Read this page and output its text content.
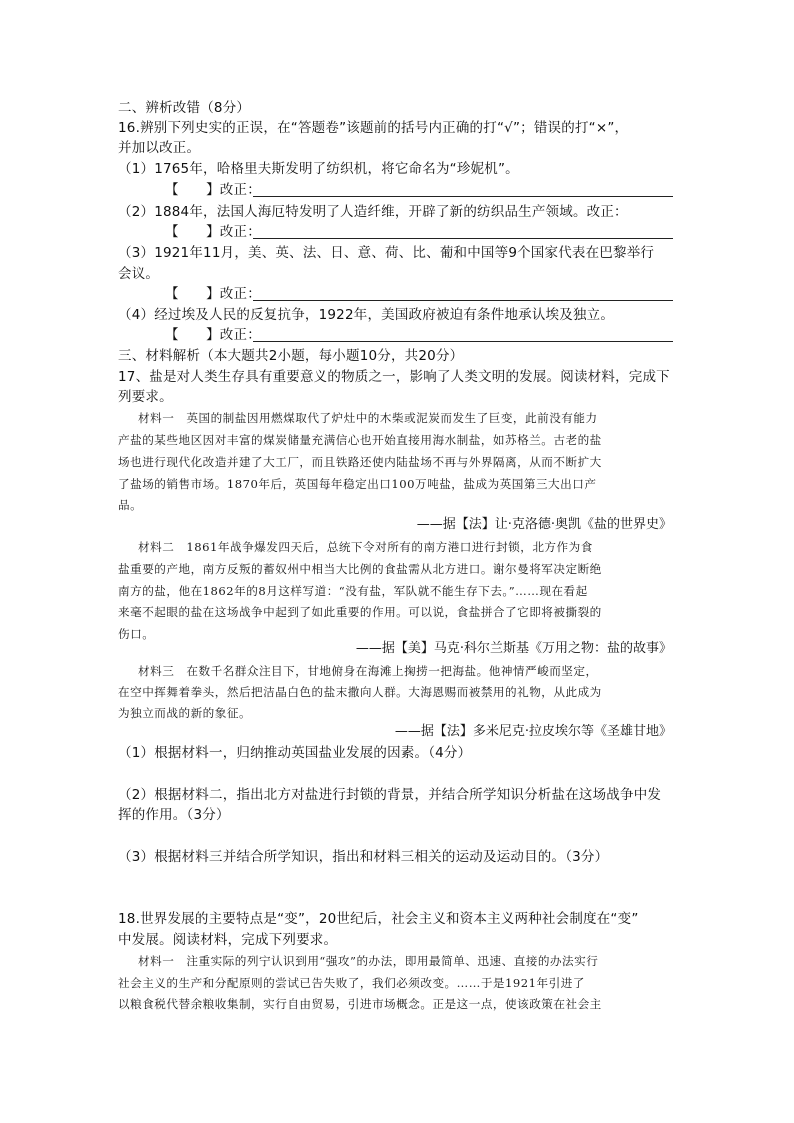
二、辨析改错（8分）
16.辨别下列史实的正误，在“答题卷”该题前的括号内正确的打“√”；错误的打“×”，
并加以改正。
（1）1765年，哈格里夫斯发明了纺织机，将它命名为“珍妮机”。
【　　】改正：
（2）1884年，法国人海厄特发明了人造纤维，开辟了新的纺织品生产领域。改正：
【　　】改正：
（3）1921年11月，美、英、法、日、意、荷、比、葡和中国等9个国家代表在巴黎举行
会议。
【　　】改正：
（4）经过埃及人民的反复抗争，1922年，美国政府被迫有条件地承认埃及独立。
【　　】改正：
三、材料解析（本大题共2小题，每小题10分，共20分）
17、盐是对人类生存具有重要意义的物质之一，影响了人类文明的发展。阅读材料，完成下
列要求。
材料一　英国的制盐因用燃煤取代了炉灶中的木柴或泥炭而发生了巨变，此前没有能力
产盐的某些地区因对丰富的煤炭储量充满信心也开始直接用海水制盐，如苏格兰。古老的盐
场也进行现代化改造并建了大工厂，而且铁路还使内陆盐场不再与外界隔离，从而不断扩大
了盐场的销售市场。1870年后，英国每年稳定出口100万吨盐，盐成为英国第三大出口产
品。
——据【法】让·克洛德·奥凯《盐的世界史》
材料二　1861年战争爆发四天后，总统下令对所有的南方港口进行封锁，北方作为食
盐重要的产地，南方反叛的蓄奴州中相当大比例的食盐需从北方进口。谢尔曼将军决定断绝
南方的盐，他在1862年的8月这样写道：“没有盐，军队就不能生存下去。”……现在看起
来毫不起眼的盐在这场战争中起到了如此重要的作用。可以说，食盐拼合了它即将被撕裂的
伤口。
——据【美】马克·科尔兰斯基《万用之物：盐的故事》
材料三　在数千名群众注目下，甘地俯身在海滩上掬捞一把海盐。他神情严峻而坚定，
在空中挥舞着拳头，然后把洁晶白色的盐末撒向人群。大海恩赐而被禁用的礼物，从此成为
为独立而战的新的象征。
——据【法】多米尼克·拉皮埃尔等《圣雄甘地》
（1）根据材料一，归纳推动英国盐业发展的因素。（4分）
（2）根据材料二，指出北方对盐进行封锁的背景，并结合所学知识分析盐在这场战争中发
挥的作用。（3分）
（3）根据材料三并结合所学知识，指出和材料三相关的运动及运动目的。（3分）
18.世界发展的主要特点是“变”，20世纪后，社会主义和资本主义两种社会制度在“变”
中发展。阅读材料，完成下列要求。
材料一　注重实际的列宁认识到用“强攻”的办法，即用最简单、迅速、直接的办法实行
社会主义的生产和分配原则的尝试已告失败了，我们必须改变。……于是1921年引进了
以粮食税代替余粮收集制，实行自由贸易，引进市场概念。正是这一点，使该政策在社会主
